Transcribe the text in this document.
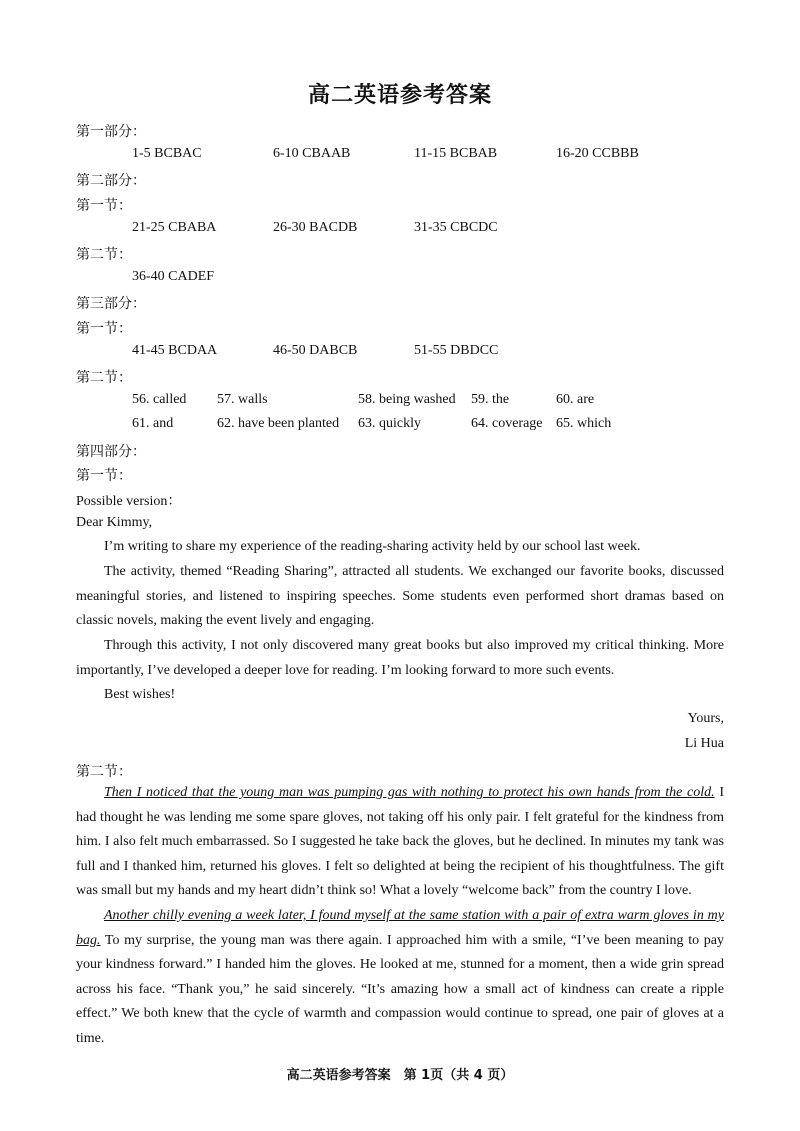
高二英语参考答案
第一部分：
1-5 BCBAC	6-10 CBAAB	11-15 BCBAB	16-20 CCBBB
第二部分：
第一节：
21-25 CBABA	26-30 BACDB	31-35 CBCDC
第二节：
36-40 CADEF
第三部分：
第一节：
41-45 BCDAA	46-50 DABCB	51-55 DBDCC
第二节：
56. called 57. walls	58. being washed 59. the	60. are
61. and	62. have been planted 63. quickly	64. coverage 65. which
第四部分：
第一节：
Possible version：
Dear Kimmy,

I’m writing to share my experience of the reading-sharing activity held by our school last week.

The activity, themed “Reading Sharing”, attracted all students. We exchanged our favorite books, discussed meaningful stories, and listened to inspiring speeches. Some students even performed short dramas based on classic novels, making the event lively and engaging.

Through this activity, I not only discovered many great books but also improved my critical thinking. More importantly, I’ve developed a deeper love for reading. I’m looking forward to more such events.

Best wishes!
Yours,
Li Hua
第二节：

Then I noticed that the young man was pumping gas with nothing to protect his own hands from the cold. I had thought he was lending me some spare gloves, not taking off his only pair. I felt grateful for the kindness from him. I also felt much embarrassed. So I suggested he take back the gloves, but he declined. In minutes my tank was full and I thanked him, returned his gloves. I felt so delighted at being the recipient of his thoughtfulness. The gift was small but my hands and my heart didn’t think so! What a lovely “welcome back” from the country I love.

Another chilly evening a week later, I found myself at the same station with a pair of extra warm gloves in my bag. To my surprise, the young man was there again. I approached him with a smile, “I’ve been meaning to pay your kindness forward.” I handed him the gloves. He looked at me, stunned for a moment, then a wide grin spread across his face. “Thank you,” he said sincerely. “It’s amazing how a small act of kindness can create a ripple effect.” We both knew that the cycle of warmth and compassion would continue to spread, one pair of gloves at a time.

高二英语参考答案　第 1页（共 4 页）
